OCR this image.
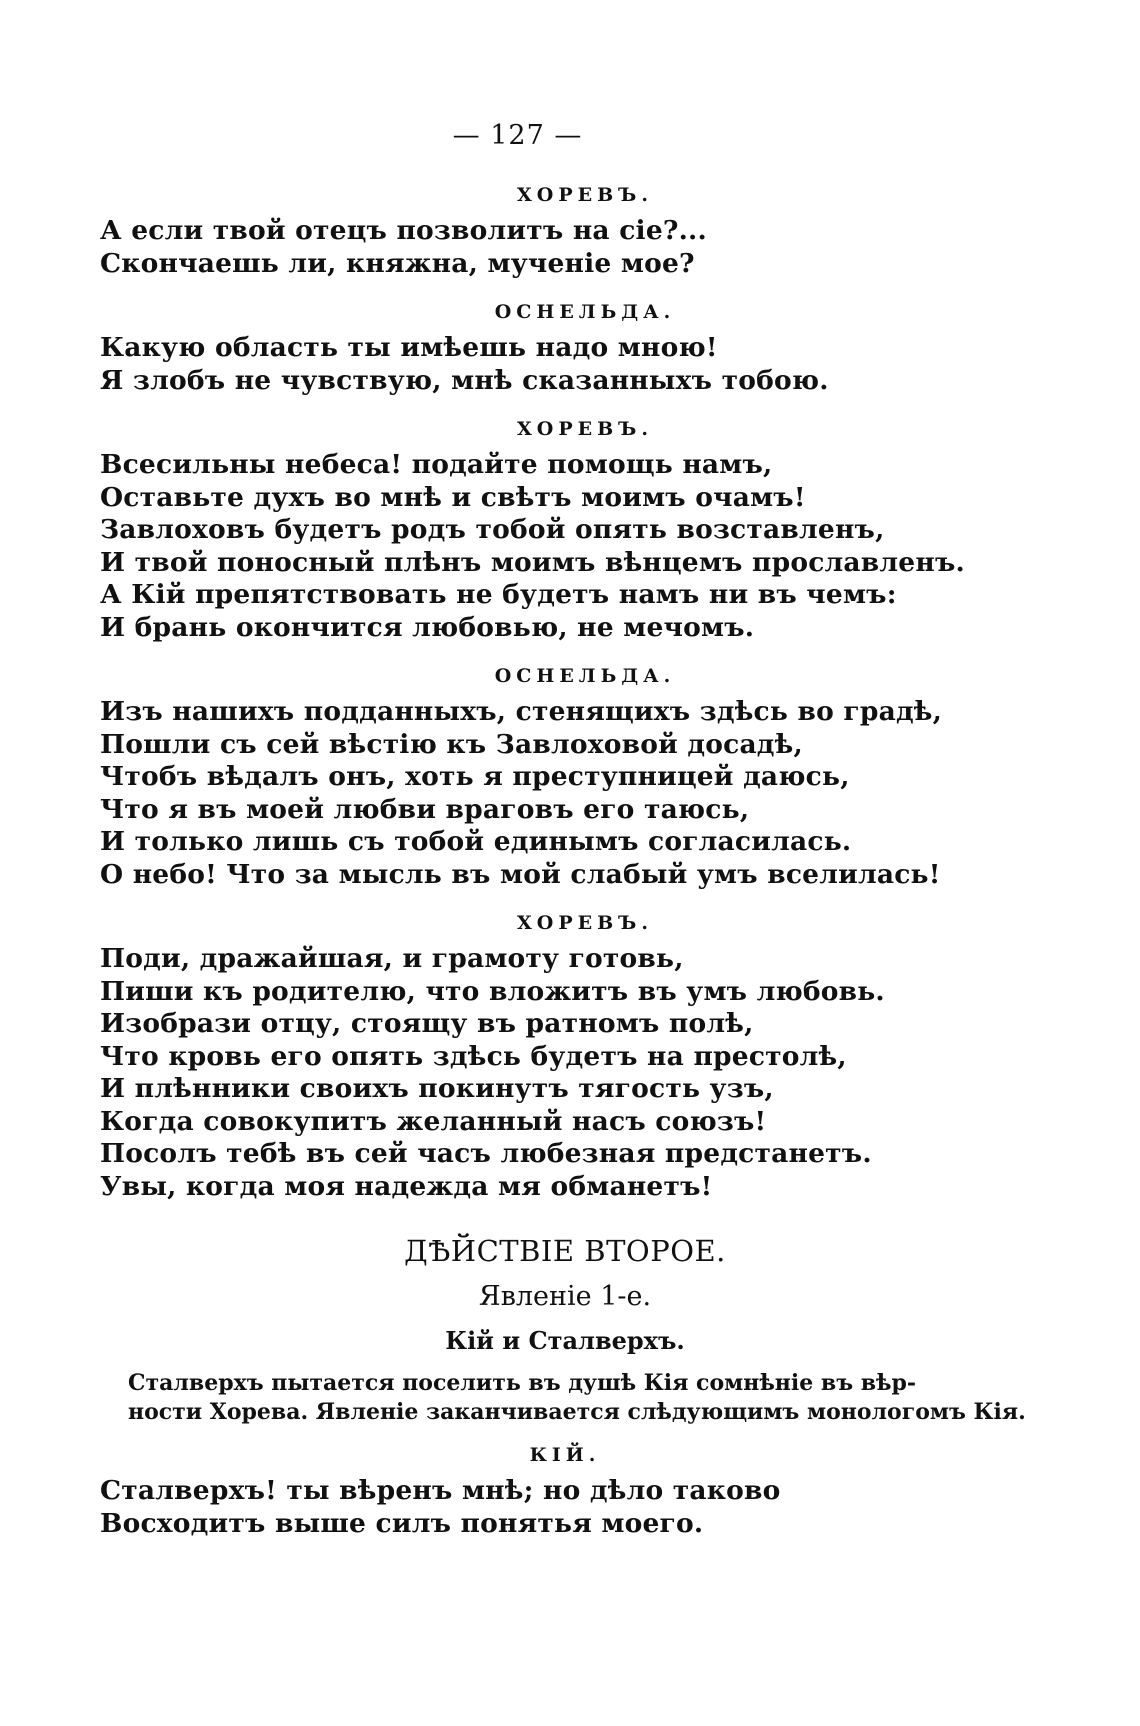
— 127 —
ХОРЕВЪ.
А если твой отецъ позволитъ на сіе?...
Скончаешь ли, княжна, мученіе мое?
ОСНЕЛЬДА.
Какую область ты имѣешь надо мною!
Я злобъ не чувствую, мнѣ сказанныхъ тобою.
ХОРЕВЪ.
Всесильны небеса! подайте помощь намъ,
Оставьте духъ во мнѣ и свѣтъ моимъ очамъ!
Завлоховъ будетъ родъ тобой опять возставленъ,
И твой поносный плѣнъ моимъ вѣнцемъ прославленъ.
А Кій препятствовать не будетъ намъ ни въ чемъ:
И брань окончится любовью, не мечомъ.
ОСНЕЛЬДА.
Изъ нашихъ подданныхъ, стенящихъ здѣсь во градѣ,
Пошли съ сей вѣстію къ Завлоховой досадѣ,
Чтобъ вѣдалъ онъ, хоть я преступницей даюсь,
Что я въ моей любви враговъ его таюсь,
И только лишь съ тобой единымъ согласилась.
О небо! Что за мысль въ мой слабый умъ вселилась!
ХОРЕВЪ.
Поди, дражайшая, и грамоту готовь,
Пиши къ родителю, что вложитъ въ умъ любовь.
Изобрази отцу, стоящу въ ратномъ полѣ,
Что кровь его опять здѣсь будетъ на престолѣ,
И плѣнники своихъ покинутъ тягость узъ,
Когда совокупитъ желанный насъ союзъ!
Посолъ тебѣ въ сей часъ любезная предстанетъ.
Увы, когда моя надежда мя обманетъ!
ДѢЙСТВІЕ ВТОРОЕ.
Явленіе 1-е.
Кій и Сталверхъ.
Сталверхъ пытается поселить въ душѣ Кія сомнѣніе въ вѣр-
ности Хорева. Явленіе заканчивается слѣдующимъ монологомъ Кія.
КІЙ.
Сталверхъ! ты вѣренъ мнѣ; но дѣло таково
Восходитъ выше силъ понятья моего.
